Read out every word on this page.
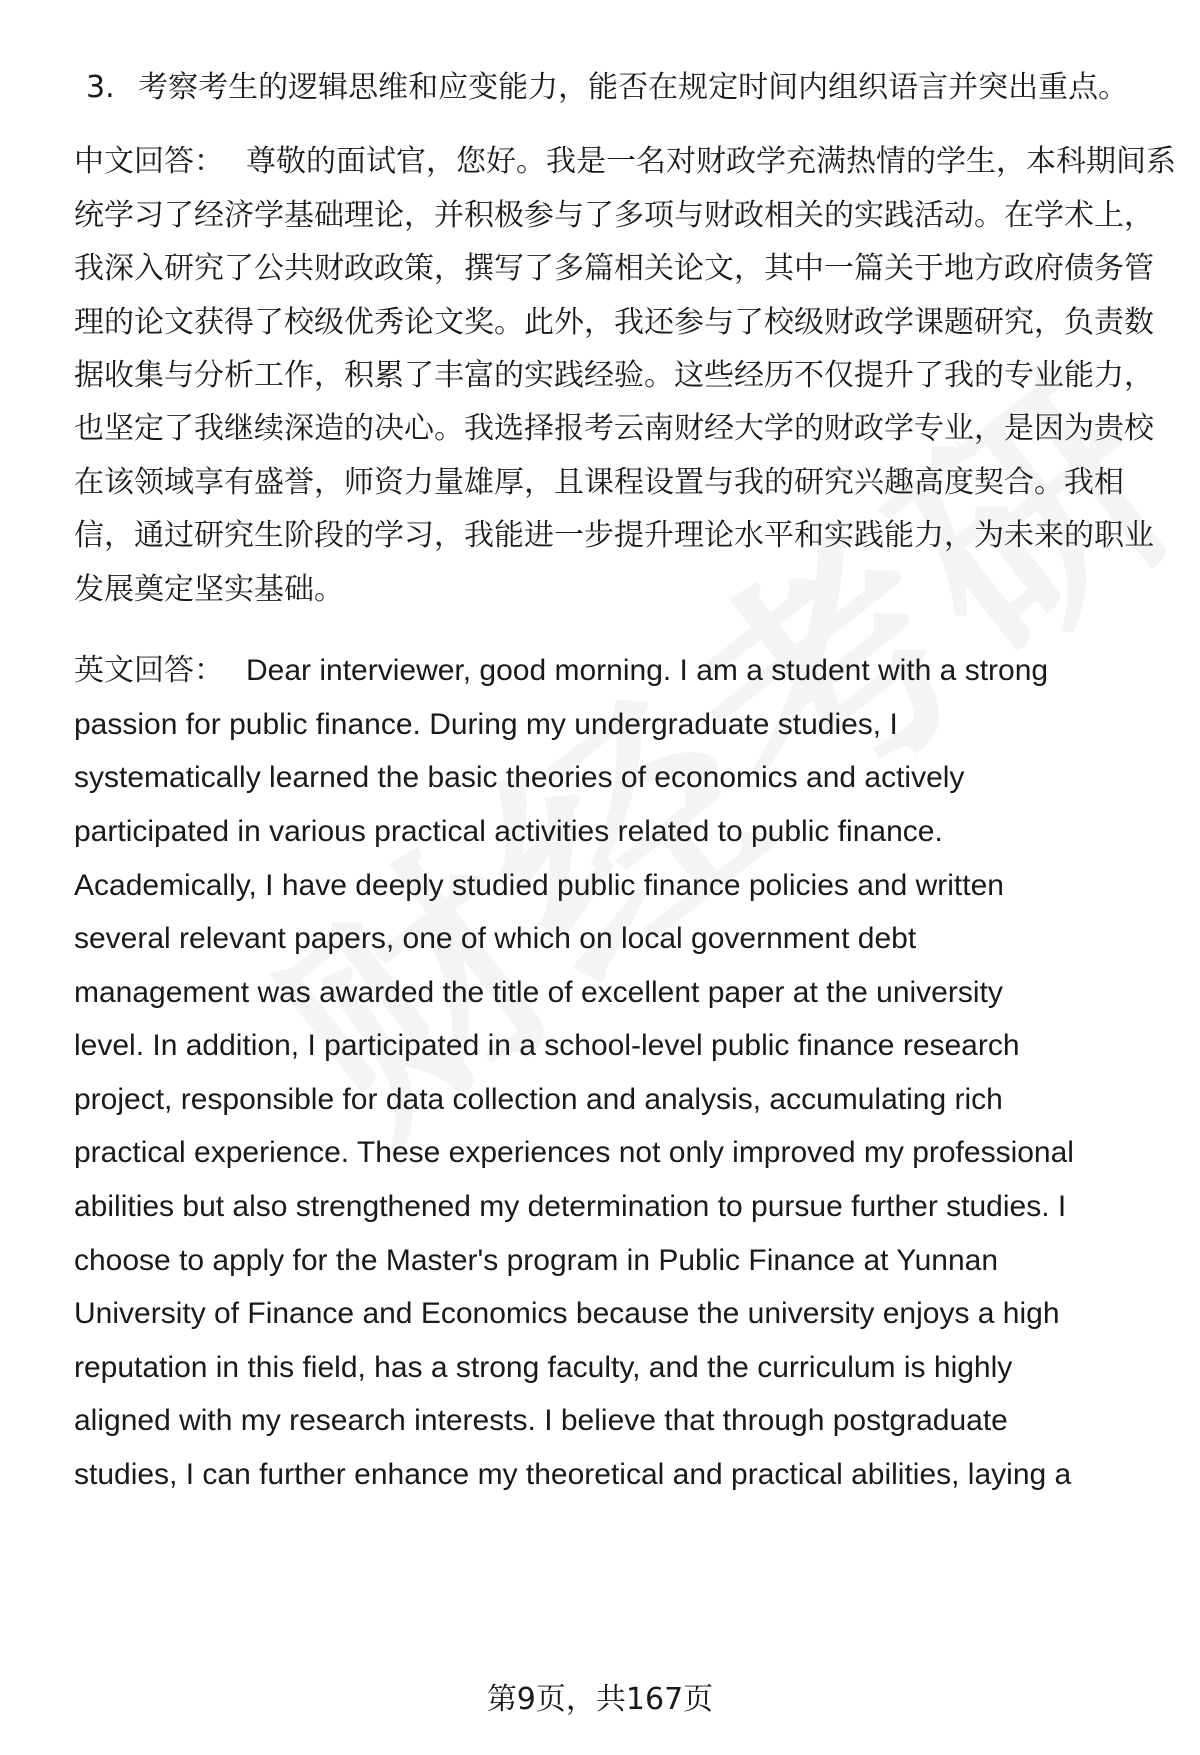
3. 考察考生的逻辑思维和应变能力，能否在规定时间内组织语言并突出重点。
中文回答： 尊敬的面试官，您好。我是一名对财政学充满热情的学生，本科期间系
统学习了经济学基础理论，并积极参与了多项与财政相关的实践活动。在学术上，
我深入研究了公共财政政策，撰写了多篇相关论文，其中一篇关于地方政府债务管
理的论文获得了校级优秀论文奖。此外，我还参与了校级财政学课题研究，负责数
据收集与分析工作，积累了丰富的实践经验。这些经历不仅提升了我的专业能力，
也坚定了我继续深造的决心。我选择报考云南财经大学的财政学专业，是因为贵校
在该领域享有盛誉，师资力量雄厚，且课程设置与我的研究兴趣高度契合。我相
信，通过研究生阶段的学习，我能进一步提升理论水平和实践能力，为未来的职业
发展奠定坚实基础。
英文回答： Dear interviewer, good morning. I am a student with a strong
passion for public finance. During my undergraduate studies, I
systematically learned the basic theories of economics and actively
participated in various practical activities related to public finance.
Academically, I have deeply studied public finance policies and written
several relevant papers, one of which on local government debt
management was awarded the title of excellent paper at the university
level. In addition, I participated in a school-level public finance research
project, responsible for data collection and analysis, accumulating rich
practical experience. These experiences not only improved my professional
abilities but also strengthened my determination to pursue further studies. I
choose to apply for the Master's program in Public Finance at Yunnan
University of Finance and Economics because the university enjoys a high
reputation in this field, has a strong faculty, and the curriculum is highly
aligned with my research interests. I believe that through postgraduate
studies, I can further enhance my theoretical and practical abilities, laying a
第9页，共167页
